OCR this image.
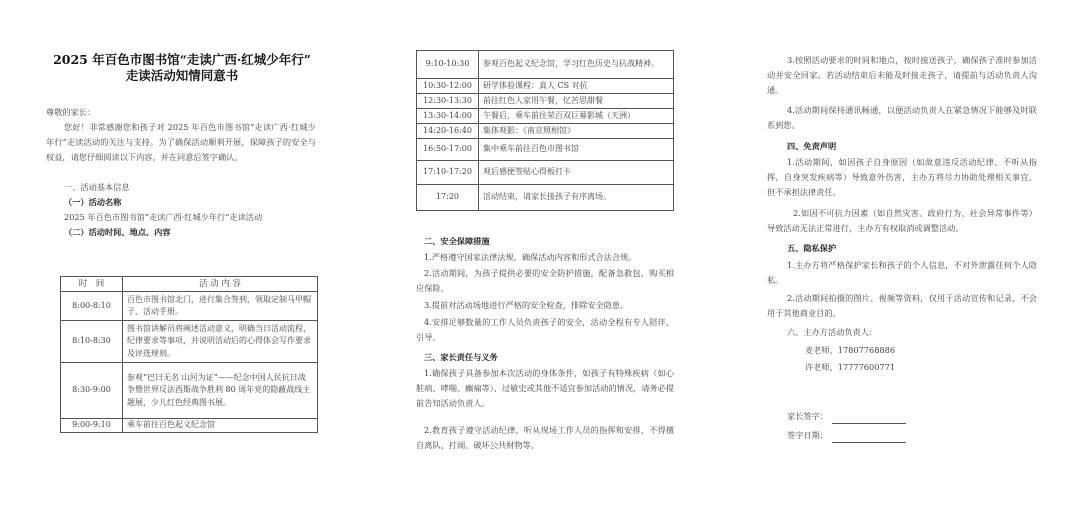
2025 年百色市图书馆“走读广西·红城少年行”
走读活动知情同意书
尊敬的家长：
您好！非常感谢您和孩子对 2025 年百色市图书馆“走读广西·红城少年行”走读活动的关注与支持。为了确保活动顺利开展，保障孩子的安全与权益，请您仔细阅读以下内容，并在同意后签字确认。
一、活动基本信息
（一）活动名称
2025 年百色市图书馆“走读广西·红城少年行”走读活动
（二）活动时间、地点、内容
时　间	活 动 内 容
8:00-8:10	百色市图书馆北门，进行集合签到，领取定制马甲帽子、活动手册。
8:10-8:30	图书馆讲解员将阐述活动意义，明确当日活动流程，纪律要求等事项，并说明活动后的心得体会写作要求及评选规则。
8:30-9:00	参观“巴曰无名 山河为证”——纪念中国人民抗日战争暨世界反法西斯战争胜利 80 周年党的隐蔽战线主题展，少儿红色经典图书展。
9:00-9:10	乘车前往百色起义纪念馆
9:10-10:30	参观百色起义纪念馆，学习红色历史与抗战精神。
10:30-12:00	研学体验课程：真人 CS 对抗
12:30-13:30	前往红色人家用午餐，忆苦思甜餐
13:30-14:00	午餐后，乘车前往荣百双巨幕影城（天洲）
14:20-16:40	集体观影：《南京照相馆》
16:50-17:00	集中乘车前往百色市图书馆
17:10-17:20	观后感便签贴心得板打卡
17:20	活动结束，请家长接孩子有序离场。
二、安全保障措施
1.严格遵守国家法律法规，确保活动内容和形式合法合规。
2.活动期间，为孩子提供必要的安全防护措施，配备急救包，购买相应保险。
3.提前对活动场地进行严格的安全检查，排除安全隐患。
4.安排足够数量的工作人员负责孩子的安全，活动全程有专人陪伴、引导。
三、家长责任与义务
1.确保孩子具备参加本次活动的身体条件，如孩子有特殊疾病（如心脏病、哮喘、癫痫等）、过敏史或其他不适宜参加活动的情况，请务必提前告知活动负责人。
2.教育孩子遵守活动纪律，听从现场工作人员的指挥和安排，不得擅自离队、打闹、破坏公共财物等。
3.按照活动要求的时间和地点，按时接送孩子，确保孩子准时参加活动并安全回家。若活动结束后未能及时接走孩子，请提前与活动负责人沟通。
4.活动期间保持通讯畅通，以便活动负责人在紧急情况下能够及时联系到您。
四、免责声明
1.活动期间，如因孩子自身原因（如故意违反活动纪律、不听从指挥，自身突发疾病等）导致意外伤害，主办方将尽力协助处理相关事宜，但不承担法律责任。
2.如因不可抗力因素（如自然灾害、政府行为、社会异常事件等）导致活动无法正常进行，主办方有权取消或调整活动。
五、隐私保护
1.主办方将严格保护家长和孩子的个人信息，不对外泄露任何个人隐私。
2.活动期间拍摄的图片、视频等资料，仅用于活动宣传和记录，不会用于其他商业目的。
六、主办方活动负责人：
麦老师，17807768886
许老师，17777600771
家长签字：
签字日期：
